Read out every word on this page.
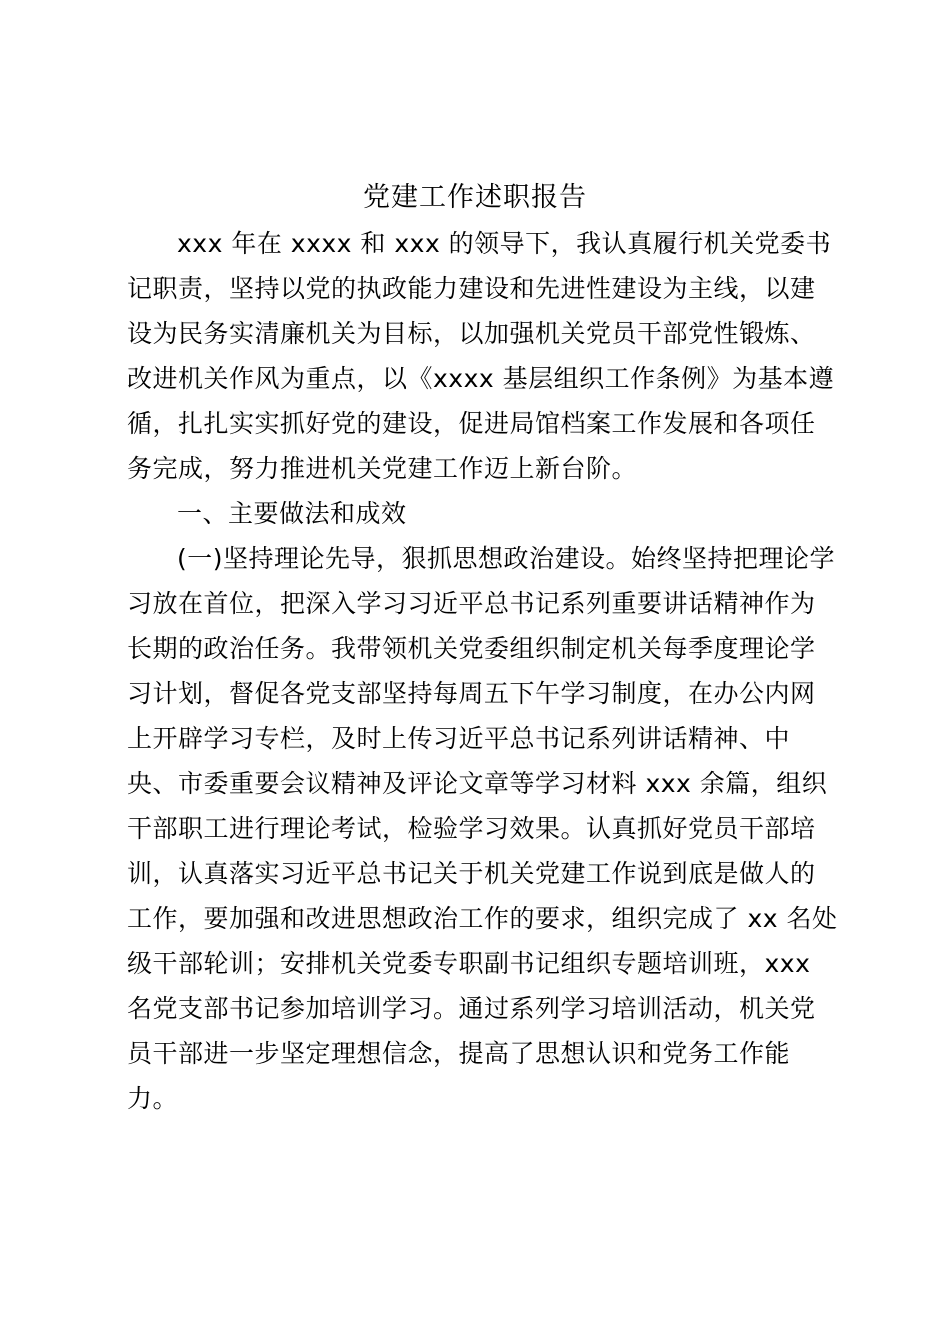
党建工作述职报告
xxx 年在 xxxx 和 xxx 的领导下，我认真履行机关党委书
记职责，坚持以党的执政能力建设和先进性建设为主线，以建
设为民务实清廉机关为目标，以加强机关党员干部党性锻炼、
改进机关作风为重点，以《xxxx 基层组织工作条例》为基本遵
循，扎扎实实抓好党的建设，促进局馆档案工作发展和各项任
务完成，努力推进机关党建工作迈上新台阶。
一、主要做法和成效
(一)坚持理论先导，狠抓思想政治建设。始终坚持把理论学
习放在首位，把深入学习习近平总书记系列重要讲话精神作为
长期的政治任务。我带领机关党委组织制定机关每季度理论学
习计划，督促各党支部坚持每周五下午学习制度，在办公内网
上开辟学习专栏，及时上传习近平总书记系列讲话精神、中
央、市委重要会议精神及评论文章等学习材料 xxx 余篇，组织
干部职工进行理论考试，检验学习效果。认真抓好党员干部培
训，认真落实习近平总书记关于机关党建工作说到底是做人的
工作，要加强和改进思想政治工作的要求，组织完成了 xx 名处
级干部轮训；安排机关党委专职副书记组织专题培训班，xxx
名党支部书记参加培训学习。通过系列学习培训活动，机关党
员干部进一步坚定理想信念，提高了思想认识和党务工作能
力。
